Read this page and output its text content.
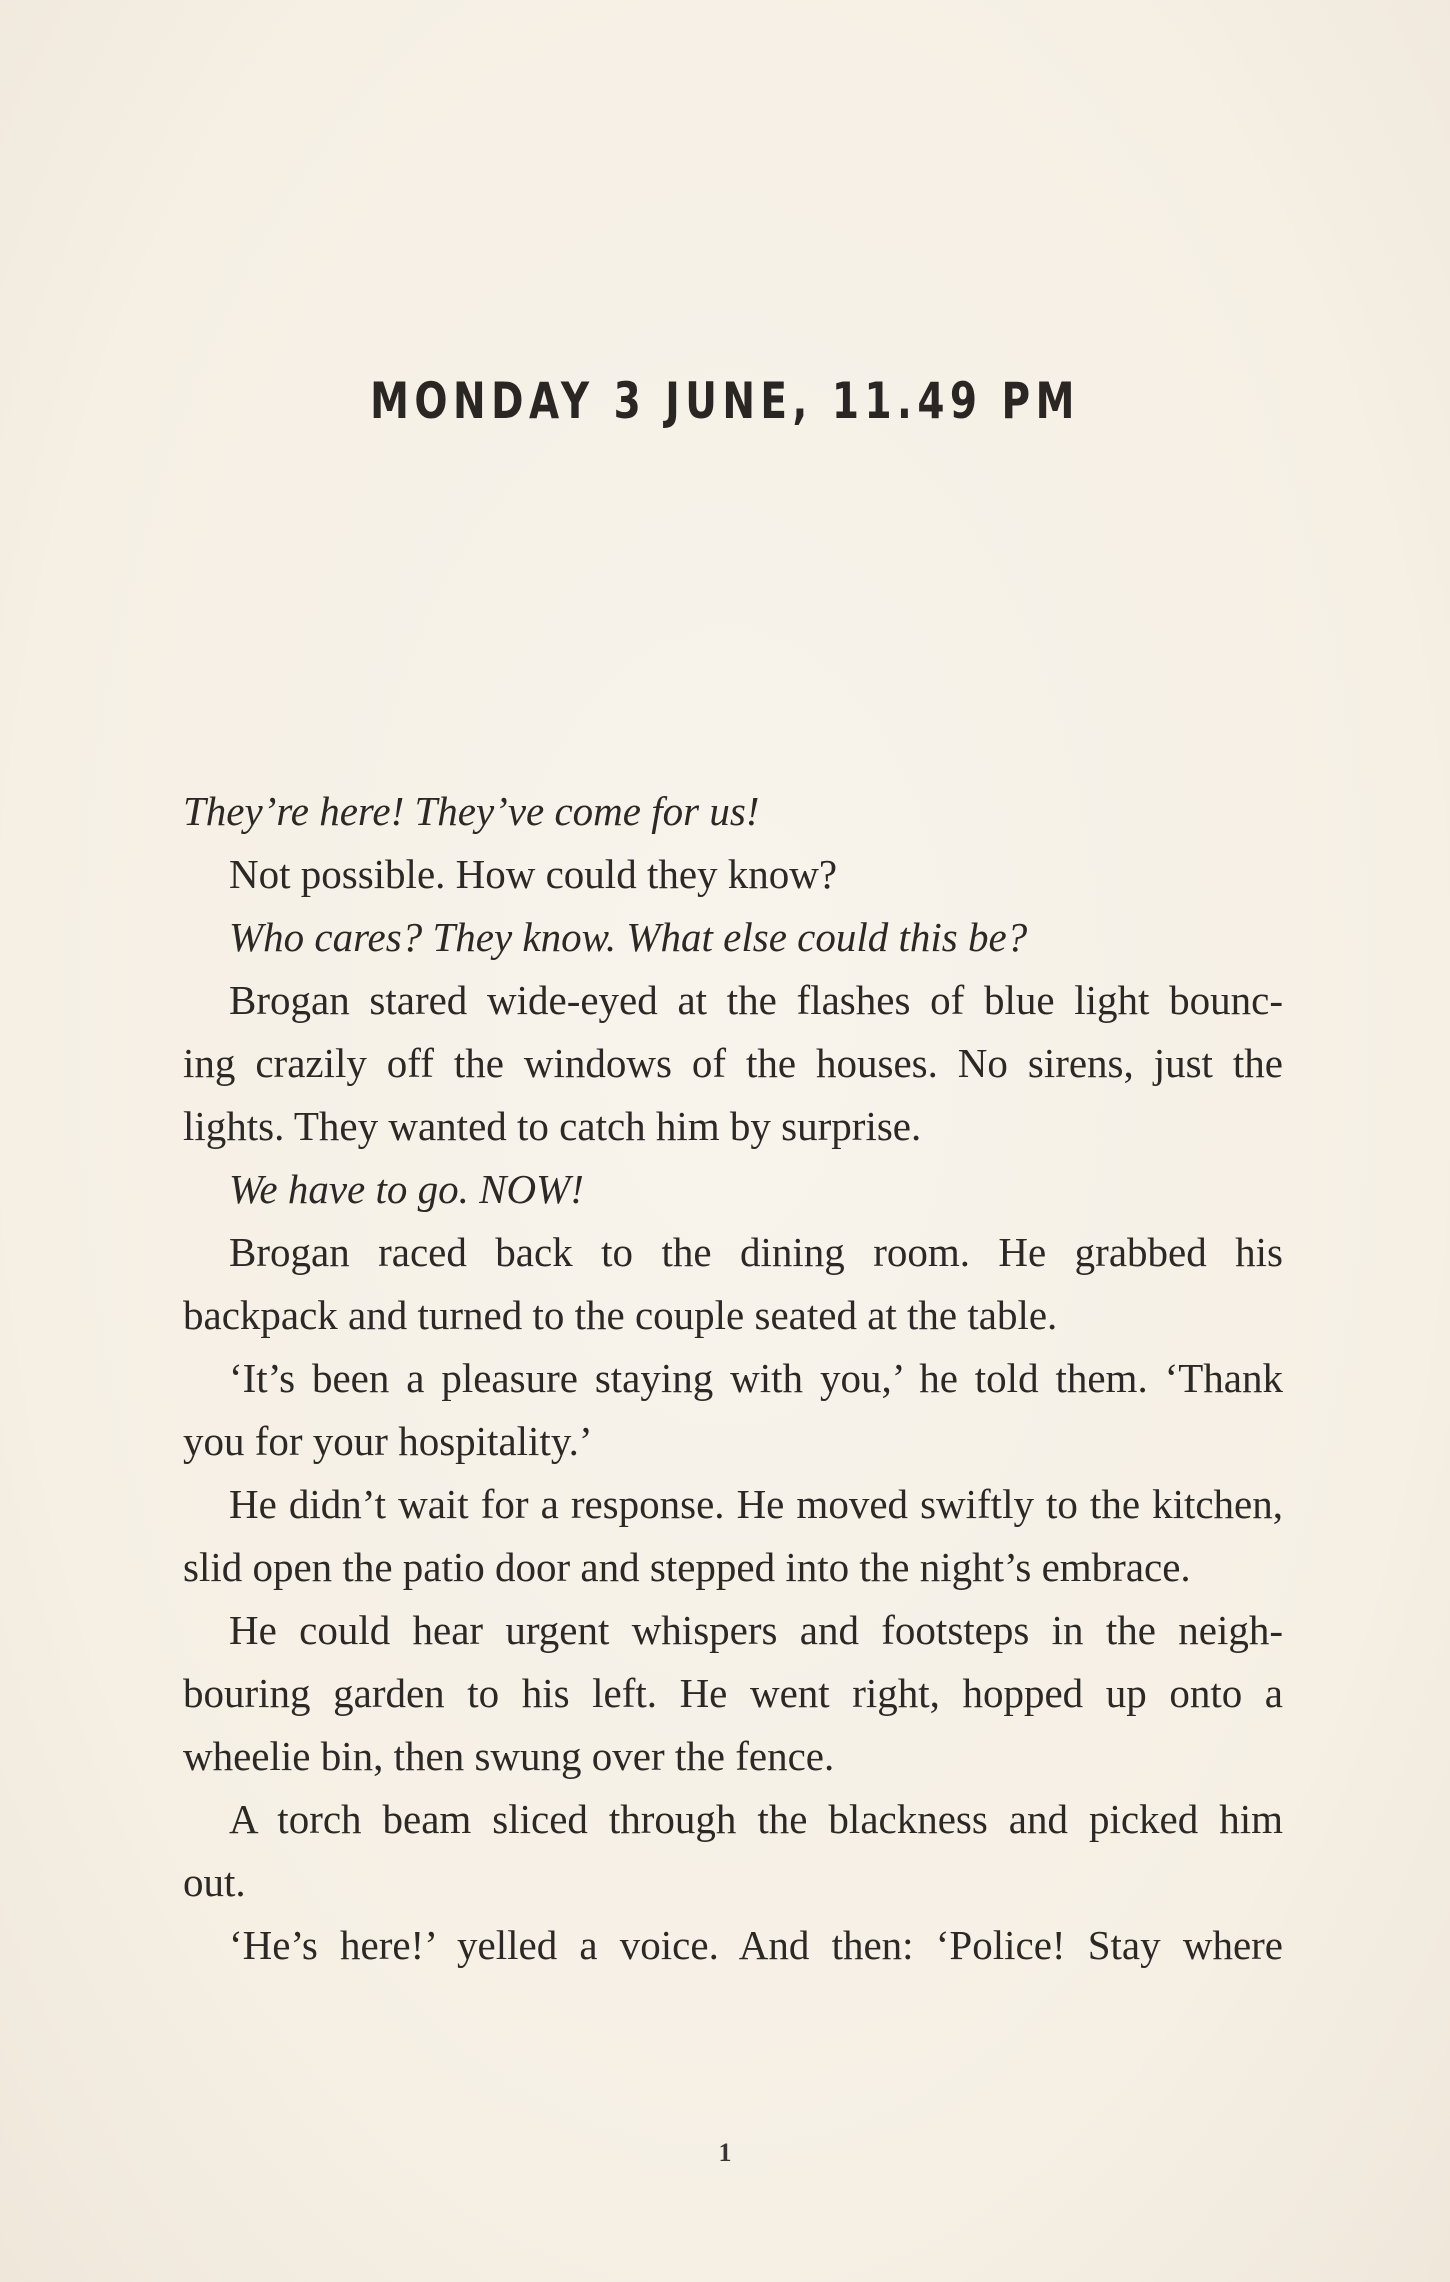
MONDAY 3 JUNE, 11.49 PM
They’re here! They’ve come for us!
Not possible. How could they know?
Who cares? They know. What else could this be?
Brogan stared wide-eyed at the flashes of blue light bounc-
ing crazily off the windows of the houses. No sirens, just the
lights. They wanted to catch him by surprise.
We have to go. NOW!
Brogan raced back to the dining room. He grabbed his
backpack and turned to the couple seated at the table.
‘It’s been a pleasure staying with you,’ he told them. ‘Thank
you for your hospitality.’
He didn’t wait for a response. He moved swiftly to the kitchen,
slid open the patio door and stepped into the night’s embrace.
He could hear urgent whispers and footsteps in the neigh-
bouring garden to his left. He went right, hopped up onto a
wheelie bin, then swung over the fence.
A torch beam sliced through the blackness and picked him
out.
‘He’s here!’ yelled a voice. And then: ‘Police! Stay where
1
